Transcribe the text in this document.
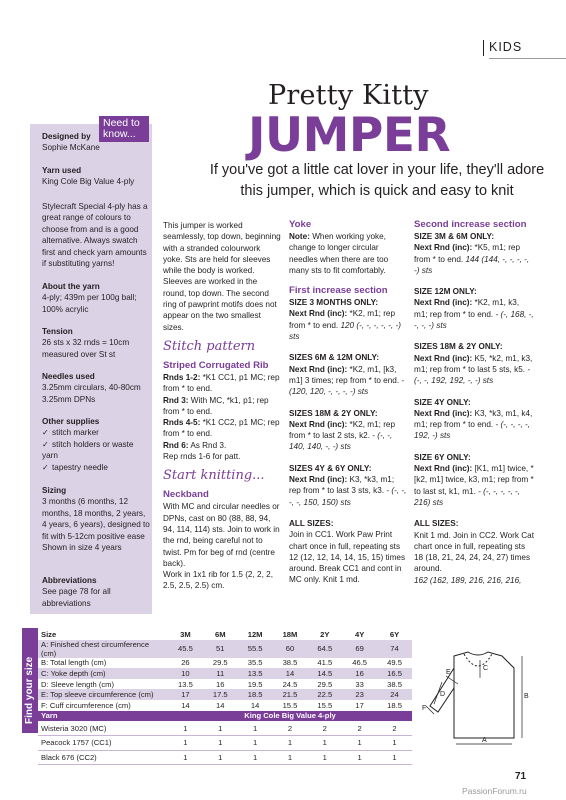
KIDS
Pretty Kitty
JUMPER
If you've got a little cat lover in your life, they'll adore this jumper, which is quick and easy to knit
Need to know...
Designed by
Sophie McKane
Yarn used
King Cole Big Value 4-ply
Stylecraft Special 4-ply has a great range of colours to choose from and is a good alternative. Always swatch first and check yarn amounts if substituting yarns!
About the yarn
4-ply; 439m per 100g ball; 100% acrylic
Tension
26 sts x 32 rnds = 10cm measured over St st
Needles used
3.25mm circulars, 40-80cm 3.25mm DPNs
Other supplies
✓ stitch marker
✓ stitch holders or waste yarn
✓ tapestry needle
Sizing
3 months (6 months, 12 months, 18 months, 2 years, 4 years, 6 years), designed to fit with 5-12cm positive ease
Shown in size 4 years
Abbreviations
See page 78 for all abbreviations

This jumper is worked seamlessly, top down, beginning with a stranded colourwork yoke. Sts are held for sleeves while the body is worked. Sleeves are worked in the round, top down. The second ring of pawprint motifs does not appear on the two smallest sizes.

Stitch pattern

Striped Corrugated Rib

Rnds 1-2: *K1 CC1, p1 MC; rep from * to end.

Rnd 3: With MC, *k1, p1; rep from * to end.

Rnds 4-5: *K1 CC2, p1 MC; rep from * to end.

Rnd 6: As Rnd 3.

Rep rnds 1-6 for patt.

Start knitting...

Neckband

With MC and circular needles or DPNs, cast on 80 (88, 88, 94, 94, 114, 114) sts. Join to work in the rnd, being careful not to twist. Pm for beg of rnd (centre back).

Work in 1x1 rib for 1.5 (2, 2, 2, 2.5, 2.5, 2.5) cm.

Yoke

Note: When working yoke, change to longer circular needles when there are too many sts to fit comfortably.

First increase section

SIZE 3 MONTHS ONLY:

Next Rnd (inc): *K2, m1; rep from * to end. 120 (-, -, -, -, -, -) sts

SIZES 6M & 12M ONLY:

Next Rnd (inc): *K2, m1, [k3, m1] 3 times; rep from * to end. - (120, 120, -, -, -, -) sts

SIZES 18M & 2Y ONLY:

Next Rnd (inc): *K2, m1; rep from * to last 2 sts, k2. - (-, -, 140, 140, -, -) sts

SIZES 4Y & 6Y ONLY:

Next Rnd (inc): K3, *k3, m1; rep from * to last 3 sts, k3. - (-, -, -, -, 150, 150) sts

ALL SIZES:

Join in CC1. Work Paw Print chart once in full, repeating sts 12 (12, 12, 14, 14, 15, 15) times around. Break CC1 and cont in MC only. Knit 1 md.

Second increase section

SIZE 3M & 6M ONLY:

Next Rnd (inc): *K5, m1; rep from * to end. 144 (144, -, -, -, -, -) sts

SIZE 12M ONLY:

Next Rnd (inc): *K2, m1, k3, m1; rep from * to end. - (-, 168, -, -, -, -) sts

SIZES 18M & 2Y ONLY:

Next Rnd (inc): K5, *k2, m1, k3, m1; rep from * to last 5 sts, k5. - (-, -, 192, 192, -, -) sts

SIZE 4Y ONLY:

Next Rnd (inc): K3, *k3, m1, k4, m1; rep from * to end. - (-, -, -, -, 192, -) sts

SIZE 6Y ONLY:

Next Rnd (inc): [K1, m1] twice, *[k2, m1] twice, k3, m1; rep from * to last st, k1, m1. - (-, -, -, -, -, 216) sts

ALL SIZES:

Knit 1 md. Join in CC2. Work Cat chart once in full, repeating sts 18 (18, 21, 24, 24, 24, 27) times around.

162 (162, 189, 216, 216, 216,

Find your size
Size	3M	6M	12M	18M	2Y	4Y	6Y
A: Finished chest circumference (cm)	45.5	51	55.5	60	64.5	69	74
B: Total length (cm)	26	29.5	35.5	38.5	41.5	46.5	49.5
C: Yoke depth (cm)	10	11	13.5	14	14.5	16	16.5
D: Sleeve length (cm)	13.5	16	19.5	24.5	29.5	33	38.5
E: Top sleeve circumference (cm)	17	17.5	18.5	21.5	22.5	23	24
F: Cuff circumference (cm)	14	14	14	15.5	15.5	17	18.5
Yarn	King Cole Big Value 4-ply						
Wisteria 3020 (MC)	1	1	1	2	2	2	2
Peacock 1757 (CC1)	1	1	1	1	1	1	1
Black 676 (CC2)	1	1	1	1	1	1	1
A
B
C
D
E
F
71
PassionForum.ru
